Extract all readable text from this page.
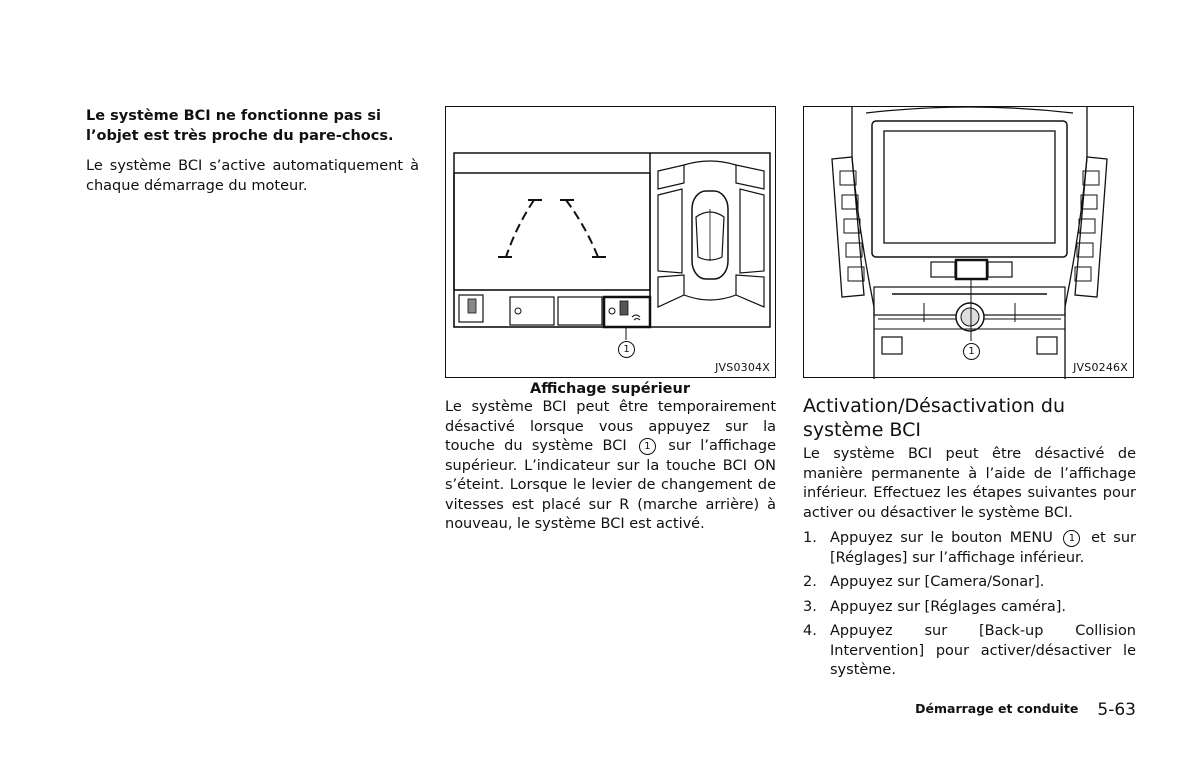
Le système BCI ne fonctionne pas si l’objet est très proche du pare-chocs.

Le système BCI s’active automatiquement à chaque démarrage du moteur.

JVS0304X
1
JVS0246X
1
Affichage supérieur

Le système BCI peut être temporairement désactivé lorsque vous appuyez sur la touche du système BCI 1 sur l’affichage supérieur. L’indicateur sur la touche BCI ON s’éteint. Lorsque le levier de changement de vitesses est placé sur R (marche arrière) à nouveau, le système BCI est activé.

Activation/Désactivation du système BCI

Le système BCI peut être désactivé de manière permanente à l’aide de l’affichage inférieur. Effectuez les étapes suivantes pour activer ou désactiver le système BCI.

1. Appuyez sur le bouton MENU 1 et sur [Réglages] sur l’affichage inférieur.
2. Appuyez sur [Camera/Sonar].
3. Appuyez sur [Réglages caméra].
4. Appuyez sur [Back-up Collision Intervention] pour activer/désactiver le système.
Démarrage et conduite 5-63
